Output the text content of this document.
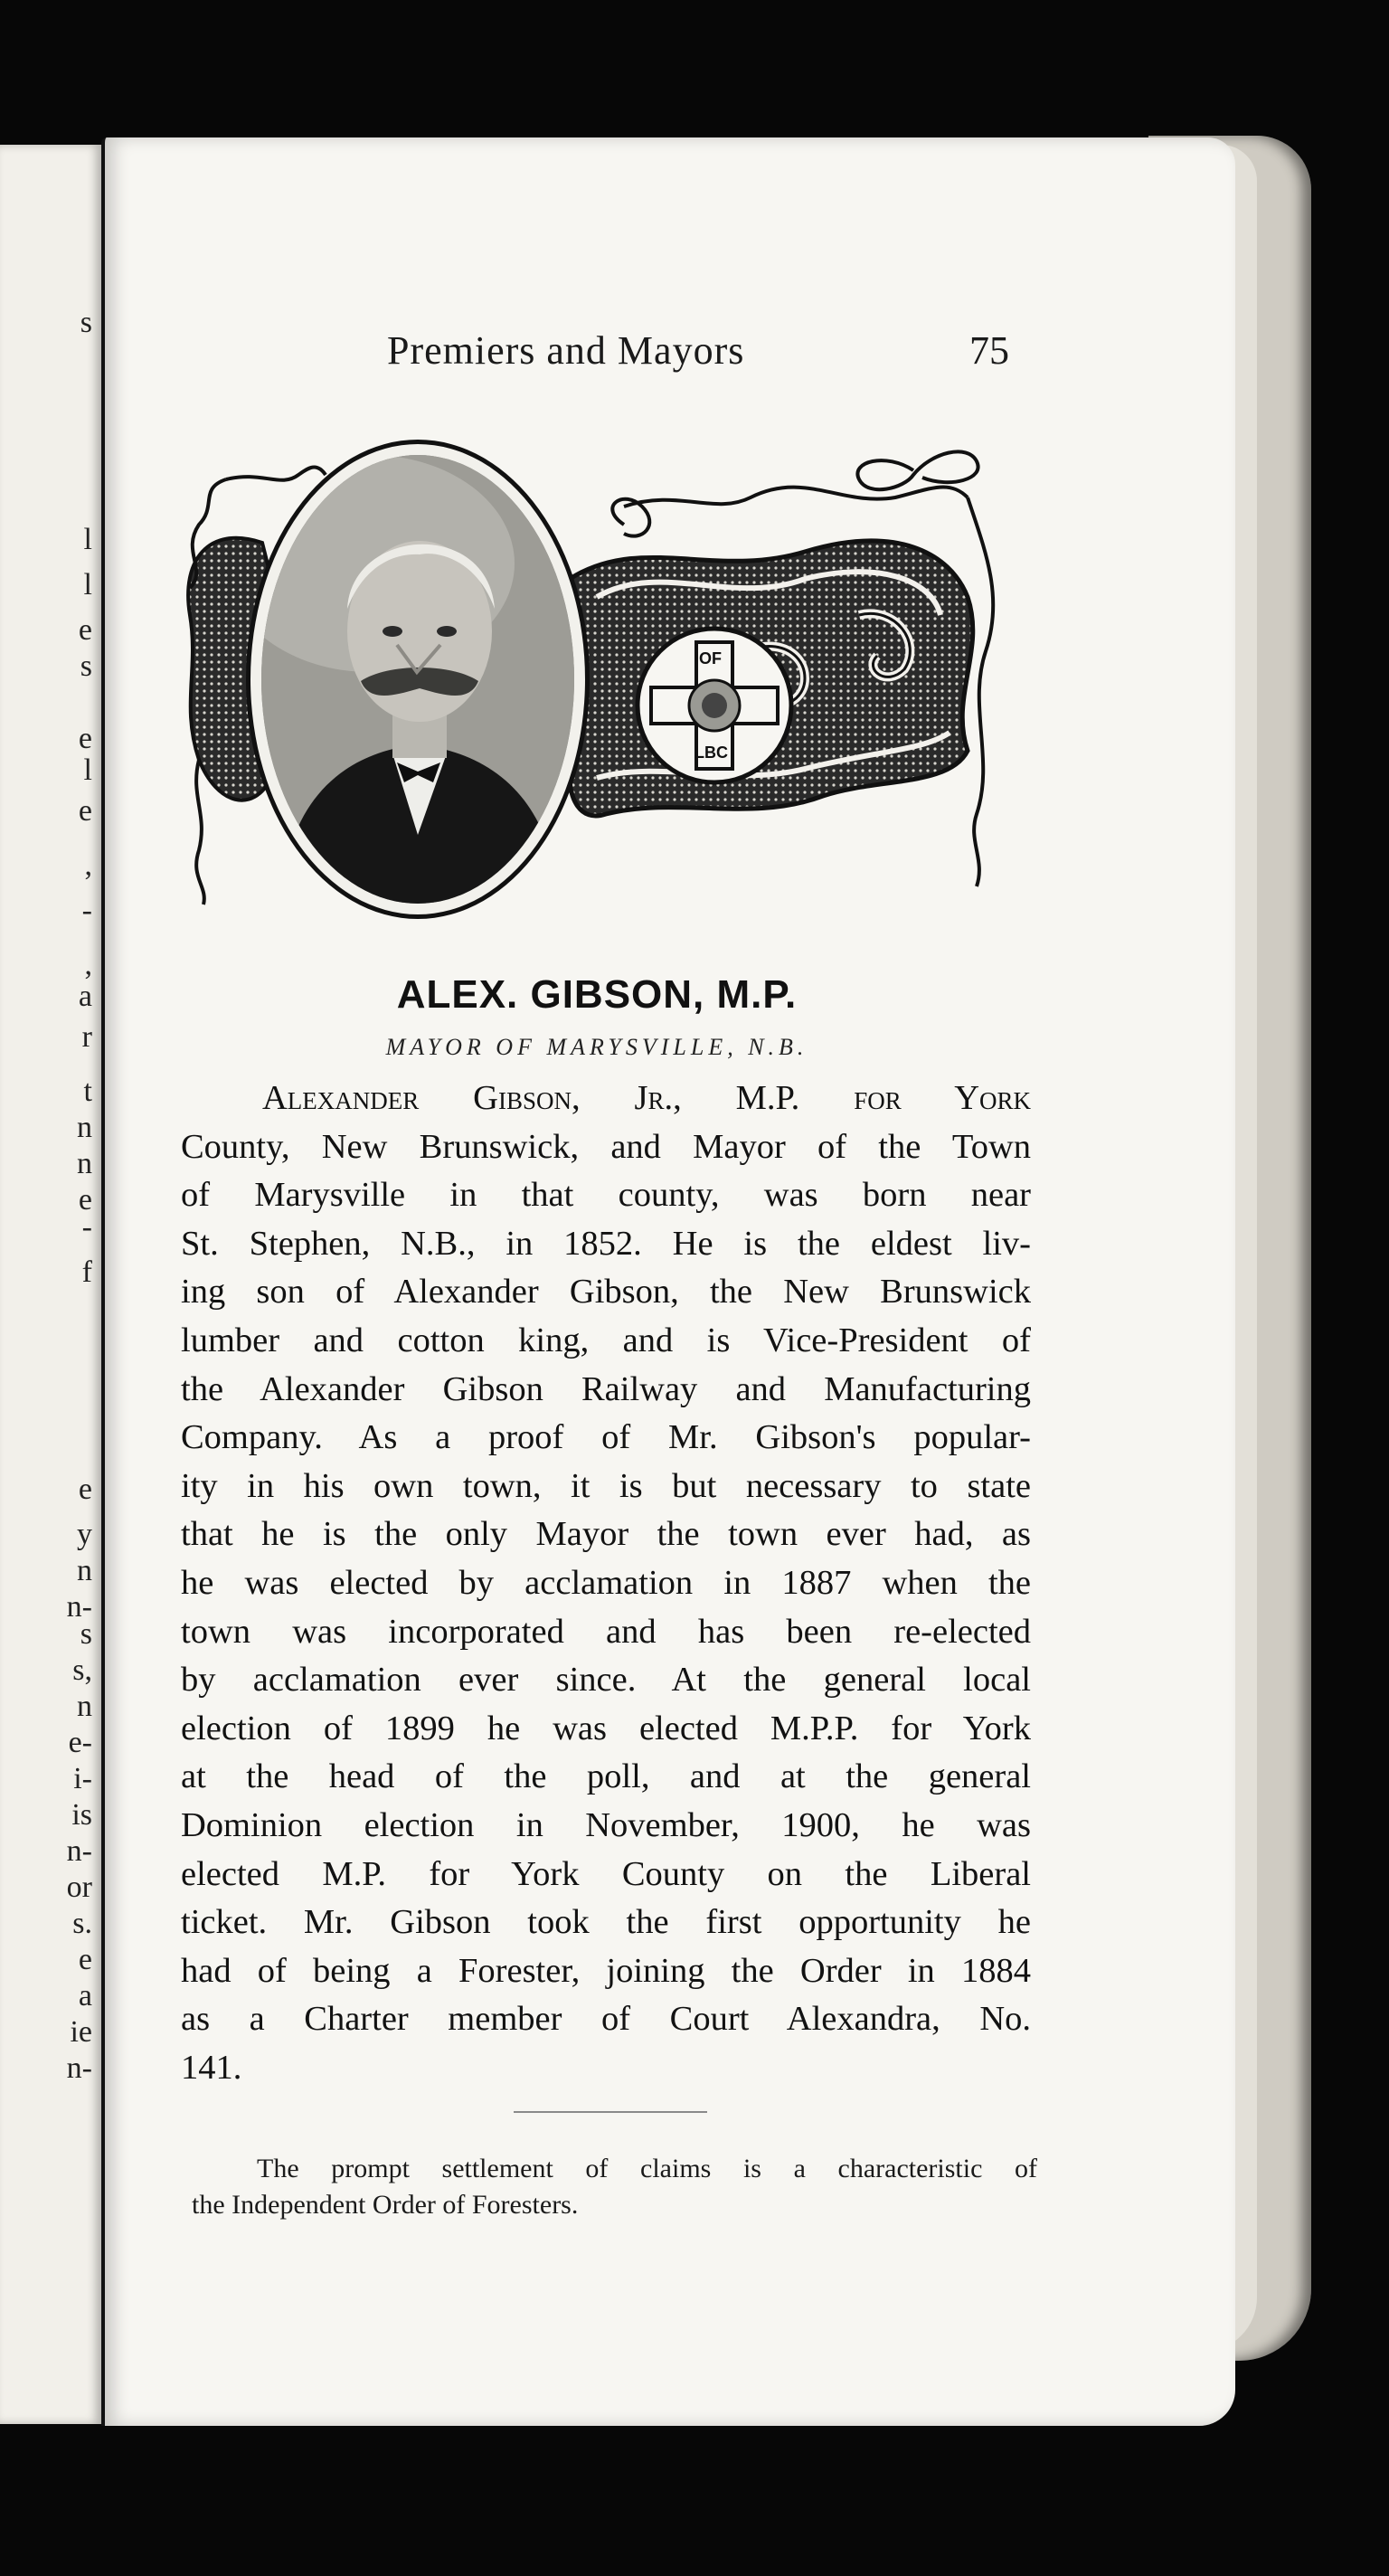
s
l
l
e
s
e
l
e
,
-
,
a
r
t
n
n
e
-
f
e
y
n
n-
s
s,
n
e-
i-
is
n-
or
s.
e
a
ie
n-
Premiers and Mayors	75
IOF
LBC
ALEX. GIBSON, M.P.
MAYOR OF MARYSVILLE, N.B.
Alexander Gibson, Jr., M.P. for York
County, New Brunswick, and Mayor of the Town
of Marysville in that county, was born near
St. Stephen, N.B., in 1852. He is the eldest liv-
ing son of Alexander Gibson, the New Brunswick
lumber and cotton king, and is Vice-President of
the Alexander Gibson Railway and Manufacturing
Company. As a proof of Mr. Gibson's popular-
ity in his own town, it is but necessary to state
that he is the only Mayor the town ever had, as
he was elected by acclamation in 1887 when the
town was incorporated and has been re-elected
by acclamation ever since. At the general local
election of 1899 he was elected M.P.P. for York
at the head of the poll, and at the general
Dominion election in November, 1900, he was
elected M.P. for York County on the Liberal
ticket. Mr. Gibson took the first opportunity he
had of being a Forester, joining the Order in 1884
as a Charter member of Court Alexandra, No.
141.
The prompt settlement of claims is a characteristic of
the Independent Order of Foresters.
